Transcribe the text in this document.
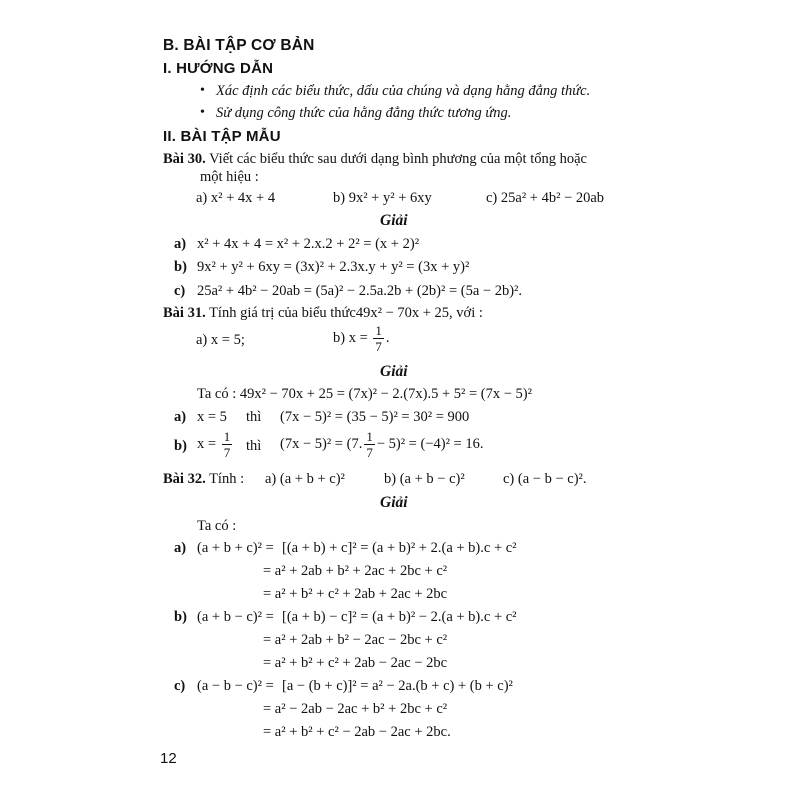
B. BÀI TẬP CƠ BẢN
I. HƯỚNG DẪN
• Xác định các biểu thức, dấu của chúng và dạng hằng đẳng thức.
• Sử dụng công thức của hằng đẳng thức tương ứng.
II. BÀI TẬP MẪU
Bài 30. Viết các biểu thức sau dưới dạng bình phương của một tổng hoặc
một hiệu :
a) x² + 4x + 4	b) 9x² + y² + 6xy	c) 25a² + 4b² − 20ab
Giải
a) x² + 4x + 4 = x² + 2.x.2 + 2² = (x + 2)²
b) 9x² + y² + 6xy = (3x)² + 2.3x.y + y² = (3x + y)²
c) 25a² + 4b² − 20ab = (5a)² − 2.5a.2b + (2b)² = (5a − 2b)².
Bài 31. Tính giá trị của biểu thức49x² − 70x + 25, với :
a) x = 5;	b) $x = \frac{1}{7}$ .
Giải
Ta có : 49x² − 70x + 25 = (7x)² − 2.(7x).5 + 5² = (7x − 5)²
a) x = 5 thì (7x − 5)² = (35 − 5)² = 30² = 900
b) $x = \frac{1}{7}$ thì (7x − 5)² = (7. $\frac{1}{7} - 5)^2 = (-4)^2 = 16$.
Bài 32. Tính : a) (a + b + c)²	b) (a + b − c)²	c) (a − b − c)².
Giải
Ta có :
a) (a + b + c)² = [(a + b) + c]² = (a + b)² + 2.(a + b).c + c²
= a² + 2ab + b² + 2ac + 2bc + c²
= a² + b² + c² + 2ab + 2ac + 2bc
b) (a + b − c)² = [(a + b) − c]² = (a + b)² − 2.(a + b).c + c²
= a² + 2ab + b² − 2ac − 2bc + c²
= a² + b² + c² + 2ab − 2ac − 2bc
c) (a − b − c)² = [a − (b + c)]² = a² − 2a.(b + c) + (b + c)²
= a² − 2ab − 2ac + b² + 2bc + c²
= a² + b² + c² − 2ab − 2ac + 2bc.
12
